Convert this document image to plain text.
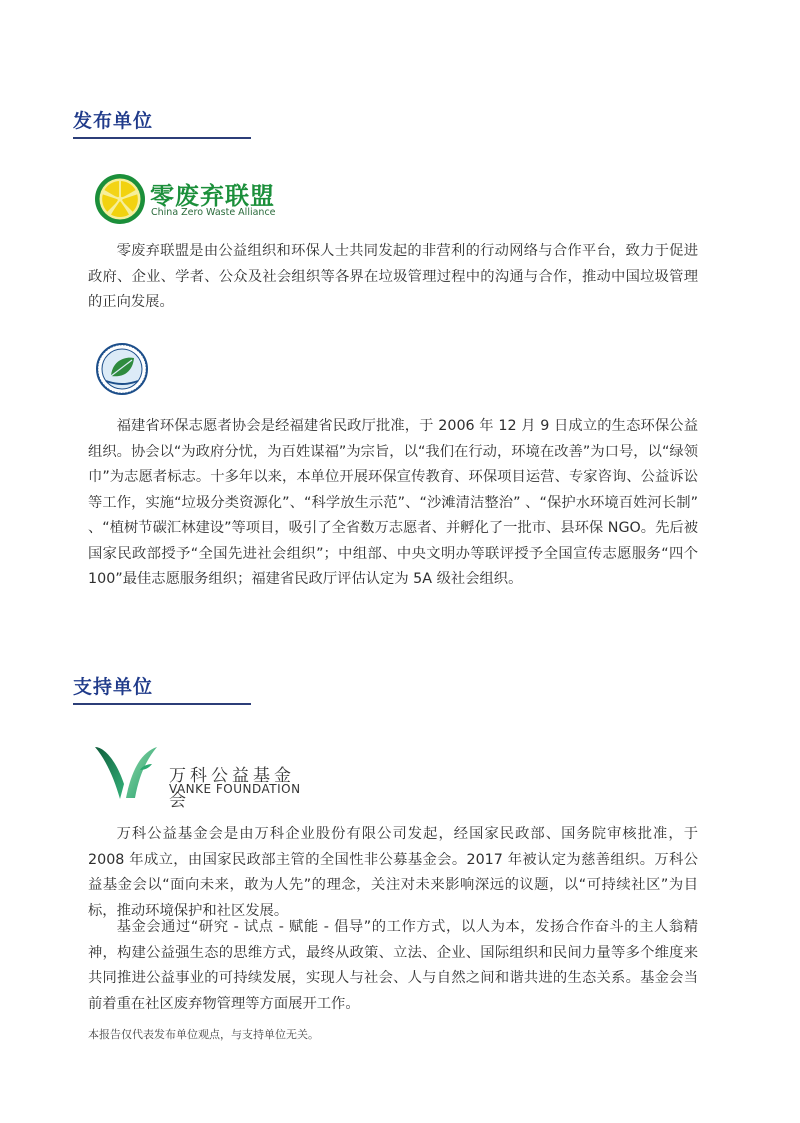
发布单位
零废弃联盟
China Zero Waste Alliance

零废弃联盟是由公益组织和环保人士共同发起的非营利的行动网络与合作平台，致力于促进政府、企业、学者、公众及社会组织等各界在垃圾管理过程中的沟通与合作，推动中国垃圾管理的正向发展。

福建省环保志愿者协会是经福建省民政厅批准，于 2006 年 12 月 9 日成立的生态环保公益组织。协会以“为政府分忧，为百姓谋福”为宗旨，以“我们在行动，环境在改善”为口号，以“绿领巾”为志愿者标志。十多年以来，本单位开展环保宣传教育、环保项目运营、专家咨询、公益诉讼等工作，实施“垃圾分类资源化”、“科学放生示范”、“沙滩清洁整治” 、“保护水环境百姓河长制” 、“植树节碳汇林建设”等项目，吸引了全省数万志愿者、并孵化了一批市、县环保 NGO。先后被国家民政部授予“全国先进社会组织”；中组部、中央文明办等联评授予全国宣传志愿服务“四个 100”最佳志愿服务组织；福建省民政厅评估认定为 5A 级社会组织。

支持单位
万科公益基金会
VANKE FOUNDATION

万科公益基金会是由万科企业股份有限公司发起，经国家民政部、国务院审核批准，于 2008 年成立，由国家民政部主管的全国性非公募基金会。2017 年被认定为慈善组织。万科公益基金会以“面向未来，敢为人先”的理念，关注对未来影响深远的议题，以“可持续社区”为目标，推动环境保护和社区发展。

基金会通过“研究 - 试点 - 赋能 - 倡导”的工作方式，以人为本，发扬合作奋斗的主人翁精神，构建公益强生态的思维方式，最终从政策、立法、企业、国际组织和民间力量等多个维度来共同推进公益事业的可持续发展，实现人与社会、人与自然之间和谐共进的生态关系。基金会当前着重在社区废弃物管理等方面展开工作。

本报告仅代表发布单位观点，与支持单位无关。
